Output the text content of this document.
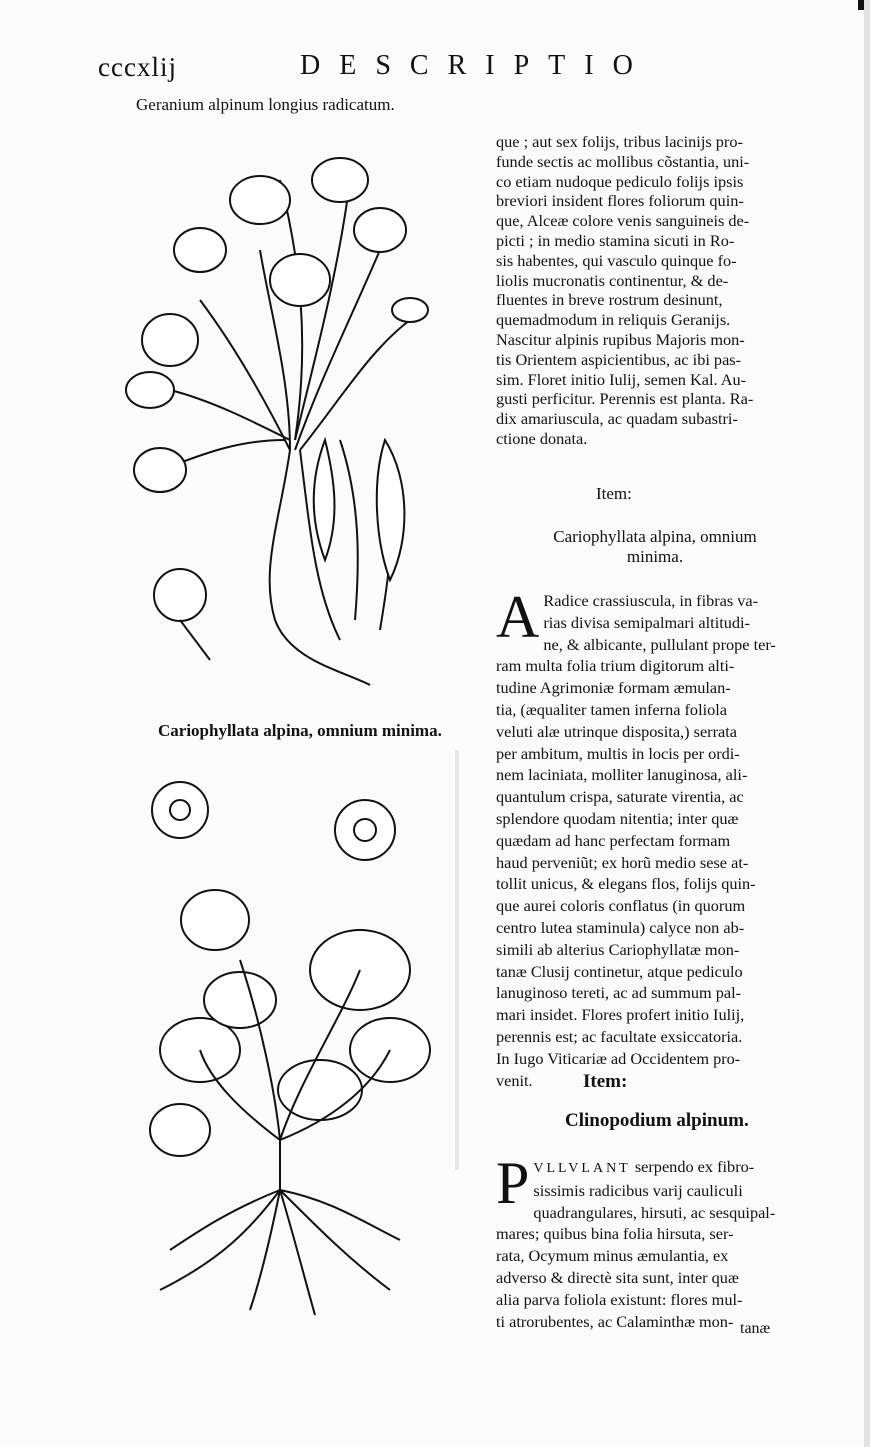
cccxlij	DESCRIPTIO
Geranium alpinum longius radicatum.
Cariophyllata alpina, omnium minima.
que ; aut sex folijs, tribus lacinijs pro-
funde sectis ac mollibus cõstantia, uni-
co etiam nudoque pediculo folijs ipsis
breviori insident flores foliorum quin-
que, Alceæ colore venis sanguineis de-
picti ; in medio stamina sicuti in Ro-
sis habentes, qui vasculo quinque fo-
liolis mucronatis continentur, & de-
fluentes in breve rostrum desinunt,
quemadmodum in reliquis Geranijs.
Nascitur alpinis rupibus Majoris mon-
tis Orientem aspicientibus, ac ibi pas-
sim. Floret initio Iulij, semen Kal. Au-
gusti perficitur. Perennis est planta. Ra-
dix amariuscula, ac quadam subastri-
ctione donata.
Item:
Cariophyllata alpina, omnium
minima.
A Radice crassiuscula, in fibras va-
rias divisa semipalmari altitudi-
ne, & albicante, pullulant prope ter-
ram multa folia trium digitorum alti-
tudine Agrimoniæ formam æmulan-
tia, (æqualiter tamen inferna foliola
veluti alæ utrinque disposita,) serrata
per ambitum, multis in locis per ordi-
nem laciniata, molliter lanuginosa, ali-
quantulum crispa, saturate virentia, ac
splendore quodam nitentia; inter quæ
quædam ad hanc perfectam formam
haud perveniũt; ex horũ medio sese at-
tollit unicus, & elegans flos, folijs quin-
que aurei coloris conflatus (in quorum
centro lutea staminula) calyce non ab-
simili ab alterius Cariophyllatæ mon-
tanæ Clusij continetur, atque pediculo
lanuginoso tereti, ac ad summum pal-
mari insidet. Flores profert initio Iulij,
perennis est; ac facultate exsiccatoria.
In Iugo Viticariæ ad Occidentem pro-
venit.	Item:
Clinopodium alpinum.
P VLLVLANT serpendo ex fibro-
sissimis radicibus varij cauliculi
quadrangulares, hirsuti, ac sesquipal-
mares; quibus bina folia hirsuta, ser-
rata, Ocymum minus æmulantia, ex
adverso & directè sita sunt, inter quæ
alia parva foliola existunt: flores mul-
ti atrorubentes, ac Calaminthæ mon- tanæ
